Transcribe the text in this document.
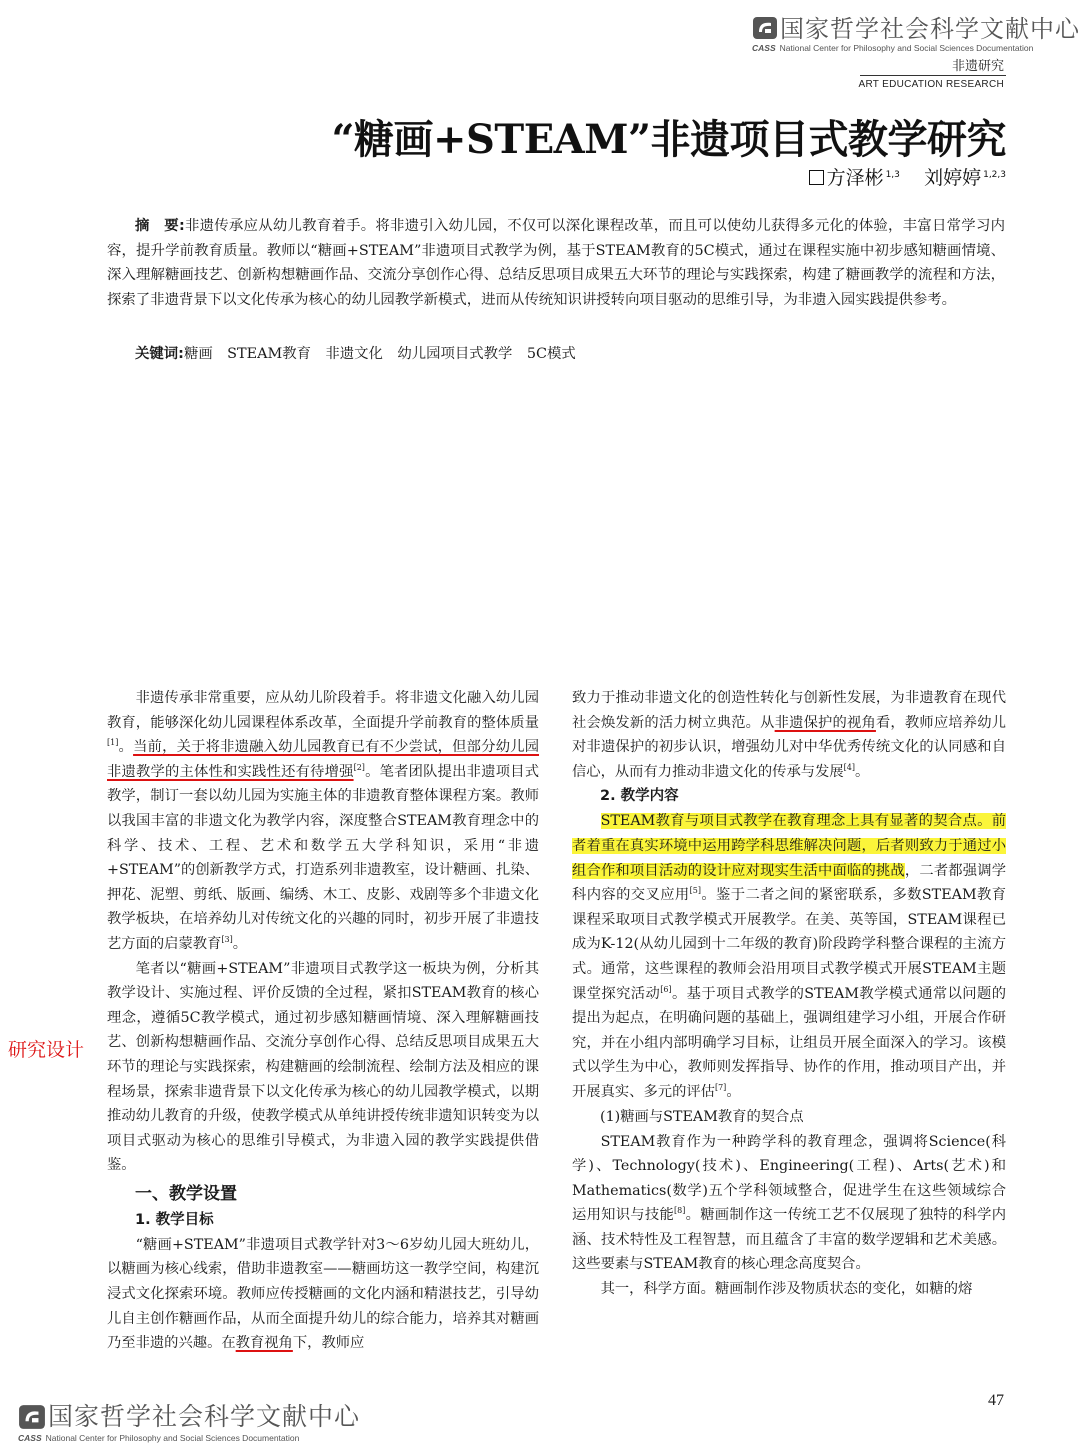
国家哲学社会科学文献中心
CASS National Center for Philosophy and Social Sciences Documentation
非遗研究
ART EDUCATION RESEARCH
“糖画+STEAM”非遗项目式教学研究
方泽彬 $^{1,3}$ 刘婷婷 $^{1,2,3}$
摘　要:非遗传承应从幼儿教育着手。将非遗引入幼儿园，不仅可以深化课程改革，而且可以使幼儿获得多元化的体验，丰富日常学习内容，提升学前教育质量。教师以“糖画+STEAM”非遗项目式教学为例，基于STEAM教育的5C模式，通过在课程实施中初步感知糖画情境、深入理解糖画技艺、创新构想糖画作品、交流分享创作心得、总结反思项目成果五大环节的理论与实践探索，构建了糖画教学的流程和方法，探索了非遗背景下以文化传承为核心的幼儿园教学新模式，进而从传统知识讲授转向项目驱动的思维引导，为非遗入园实践提供参考。
关键词:糖画　STEAM教育　非遗文化　幼儿园项目式教学　5C模式

非遗传承非常重要，应从幼儿阶段着手。将非遗文化融入幼儿园教育，能够深化幼儿园课程体系改革，全面提升学前教育的整体质量[1]。当前，关于将非遗融入幼儿园教育已有不少尝试，但部分幼儿园非遗教学的主体性和实践性还有待增强[2]。笔者团队提出非遗项目式教学，制订一套以幼儿园为实施主体的非遗教育整体课程方案。教师以我国丰富的非遗文化为教学内容，深度整合STEAM教育理念中的科学、技术、工程、艺术和数学五大学科知识，采用“非遗+STEAM”的创新教学方式，打造系列非遗教室，设计糖画、扎染、押花、泥塑、剪纸、版画、编绣、木工、皮影、戏剧等多个非遗文化教学板块，在培养幼儿对传统文化的兴趣的同时，初步开展了非遗技艺方面的启蒙教育[3]。

笔者以“糖画+STEAM”非遗项目式教学这一板块为例，分析其教学设计、实施过程、评价反馈的全过程，紧扣STEAM教育的核心理念，遵循5C教学模式，通过初步感知糖画情境、深入理解糖画技艺、创新构想糖画作品、交流分享创作心得、总结反思项目成果五大环节的理论与实践探索，构建糖画的绘制流程、绘制方法及相应的课程场景，探索非遗背景下以文化传承为核心的幼儿园教学模式，以期推动幼儿教育的升级，使教学模式从单纯讲授传统非遗知识转变为以项目式驱动为核心的思维引导模式，为非遗入园的教学实践提供借鉴。

一、教学设置
1. 教学目标

“糖画+STEAM”非遗项目式教学针对3～6岁幼儿园大班幼儿，以糖画为核心线索，借助非遗教室——糖画坊这一教学空间，构建沉浸式文化探索环境。教师应传授糖画的文化内涵和精湛技艺，引导幼儿自主创作糖画作品，从而全面提升幼儿的综合能力，培养其对糖画乃至非遗的兴趣。在教育视角下，教师应

致力于推动非遗文化的创造性转化与创新性发展，为非遗教育在现代社会焕发新的活力树立典范。从非遗保护的视角看，教师应培养幼儿对非遗保护的初步认识，增强幼儿对中华优秀传统文化的认同感和自信心，从而有力推动非遗文化的传承与发展[4]。

2. 教学内容

STEAM教育与项目式教学在教育理念上具有显著的契合点。前者着重在真实环境中运用跨学科思维解决问题，后者则致力于通过小组合作和项目活动的设计应对现实生活中面临的挑战，二者都强调学科内容的交叉应用[5]。鉴于二者之间的紧密联系，多数STEAM教育课程采取项目式教学模式开展教学。在美、英等国，STEAM课程已成为K-12(从幼儿园到十二年级的教育)阶段跨学科整合课程的主流方式。通常，这些课程的教师会沿用项目式教学模式开展STEAM主题课堂探究活动[6]。基于项目式教学的STEAM教学模式通常以问题的提出为起点，在明确问题的基础上，强调组建学习小组，开展合作研究，并在小组内部明确学习目标，让组员开展全面深入的学习。该模式以学生为中心，教师则发挥指导、协作的作用，推动项目产出，并开展真实、多元的评估[7]。

(1)糖画与STEAM教育的契合点

STEAM教育作为一种跨学科的教育理念，强调将Science(科学)、Technology(技术)、Engineering(工程)、Arts(艺术)和Mathematics(数学)五个学科领域整合，促进学生在这些领域综合运用知识与技能[8]。糖画制作这一传统工艺不仅展现了独特的科学内涵、技术特性及工程智慧，而且蕴含了丰富的数学逻辑和艺术美感。这些要素与STEAM教育的核心理念高度契合。

其一，科学方面。糖画制作涉及物质状态的变化，如糖的熔

研究设计
国家哲学社会科学文献中心
CASS National Center for Philosophy and Social Sciences Documentation
47
